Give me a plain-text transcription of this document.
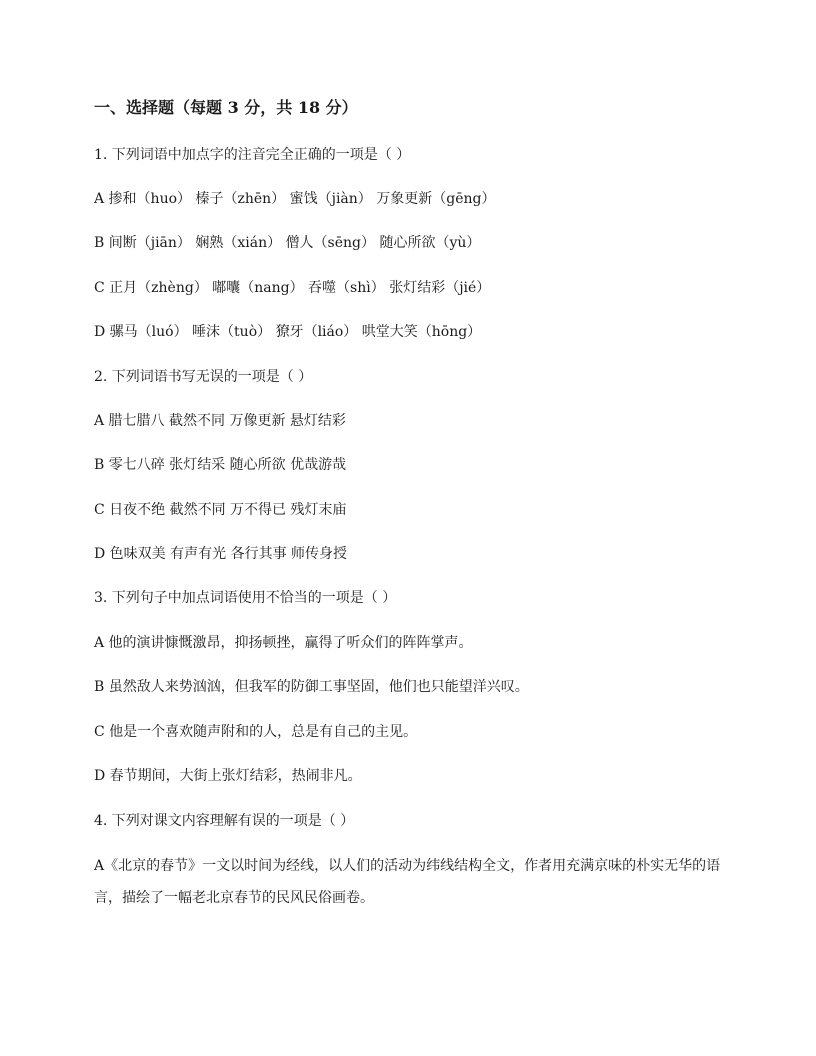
一、选择题（每题 3 分，共 18 分）
1. 下列词语中加点字的注音完全正确的一项是（ ）
A 掺和（huo） 榛子（zhēn） 蜜饯（jiàn） 万象更新（gēng）
B 间断（jiān） 娴熟（xián） 僧人（sēng） 随心所欲（yù）
C 正月（zhèng） 嘟囔（nang） 吞噬（shì） 张灯结彩（jié）
D 骡马（luó） 唾沫（tuò） 獠牙（liáo） 哄堂大笑（hōng）
2. 下列词语书写无误的一项是（ ）
A 腊七腊八 截然不同 万像更新 悬灯结彩
B 零七八碎 张灯结采 随心所欲 优哉游哉
C 日夜不绝 截然不同 万不得已 残灯末庙
D 色味双美 有声有光 各行其事 师传身授
3. 下列句子中加点词语使用不恰当的一项是（ ）
A 他的演讲慷慨激昂，抑扬顿挫，赢得了听众们的阵阵掌声。
B 虽然敌人来势汹汹，但我军的防御工事坚固，他们也只能望洋兴叹。
C 他是一个喜欢随声附和的人，总是有自己的主见。
D 春节期间，大街上张灯结彩，热闹非凡。
4. 下列对课文内容理解有误的一项是（ ）
A《北京的春节》一文以时间为经线，以人们的活动为纬线结构全文，作者用充满京味的朴实无华的语言，描绘了一幅老北京春节的民风民俗画卷。
